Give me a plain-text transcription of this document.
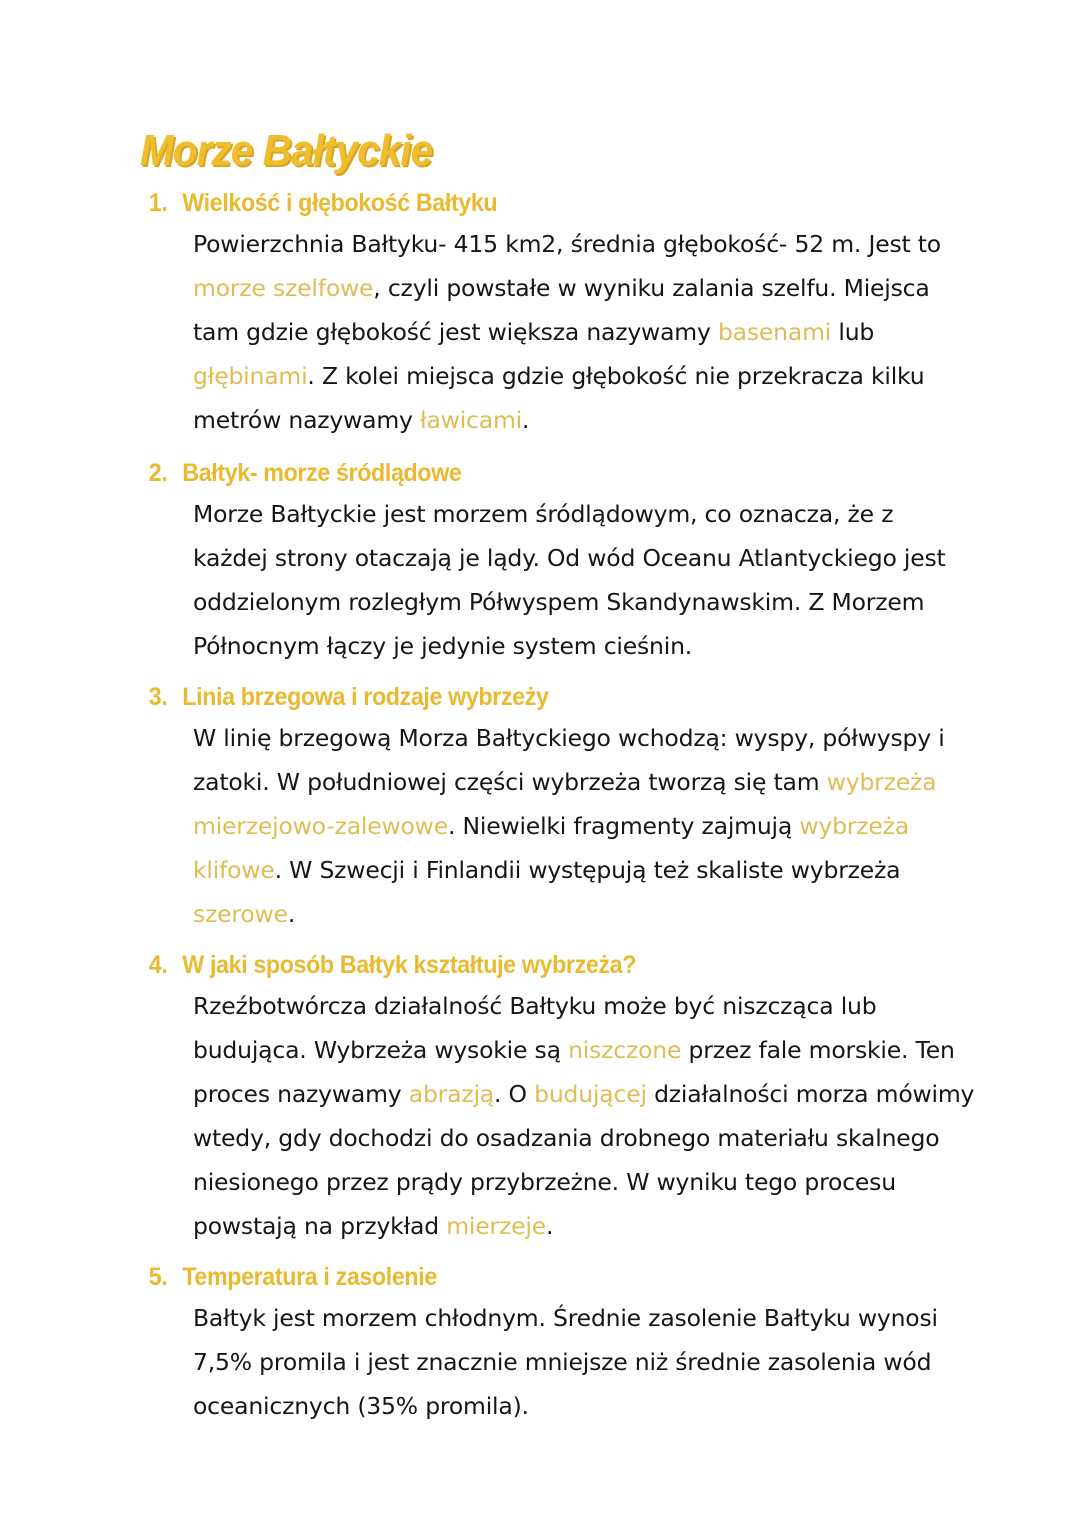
Morze Bałtyckie
1. Wielkość i głębokość Bałtyku

Powierzchnia Bałtyku- 415 km2, średnia głębokość- 52 m. Jest to morze szelfowe, czyli powstałe w wyniku zalania szelfu. Miejsca tam gdzie głębokość jest większa nazywamy basenami lub głębinami. Z kolei miejsca gdzie głębokość nie przekracza kilku metrów nazywamy ławicami.

2. Bałtyk- morze śródlądowe

Morze Bałtyckie jest morzem śródlądowym, co oznacza, że z każdej strony otaczają je lądy. Od wód Oceanu Atlantyckiego jest oddzielonym rozległym Półwyspem Skandynawskim. Z Morzem Północnym łączy je jedynie system cieśnin.

3. Linia brzegowa i rodzaje wybrzeży

W linię brzegową Morza Bałtyckiego wchodzą: wyspy, półwyspy i zatoki. W południowej części wybrzeża tworzą się tam wybrzeża mierzejowo-zalewowe. Niewielki fragmenty zajmują wybrzeża klifowe. W Szwecji i Finlandii występują też skaliste wybrzeża szerowe.

4. W jaki sposób Bałtyk kształtuje wybrzeża?

Rzeźbotwórcza działalność Bałtyku może być niszcząca lub budująca. Wybrzeża wysokie są niszczone przez fale morskie. Ten proces nazywamy abrazją. O budującej działalności morza mówimy wtedy, gdy dochodzi do osadzania drobnego materiału skalnego niesionego przez prądy przybrzeżne. W wyniku tego procesu powstają na przykład mierzeje.

5. Temperatura i zasolenie

Bałtyk jest morzem chłodnym. Średnie zasolenie Bałtyku wynosi 7,5% promila i jest znacznie mniejsze niż średnie zasolenia wód oceanicznych (35% promila).
